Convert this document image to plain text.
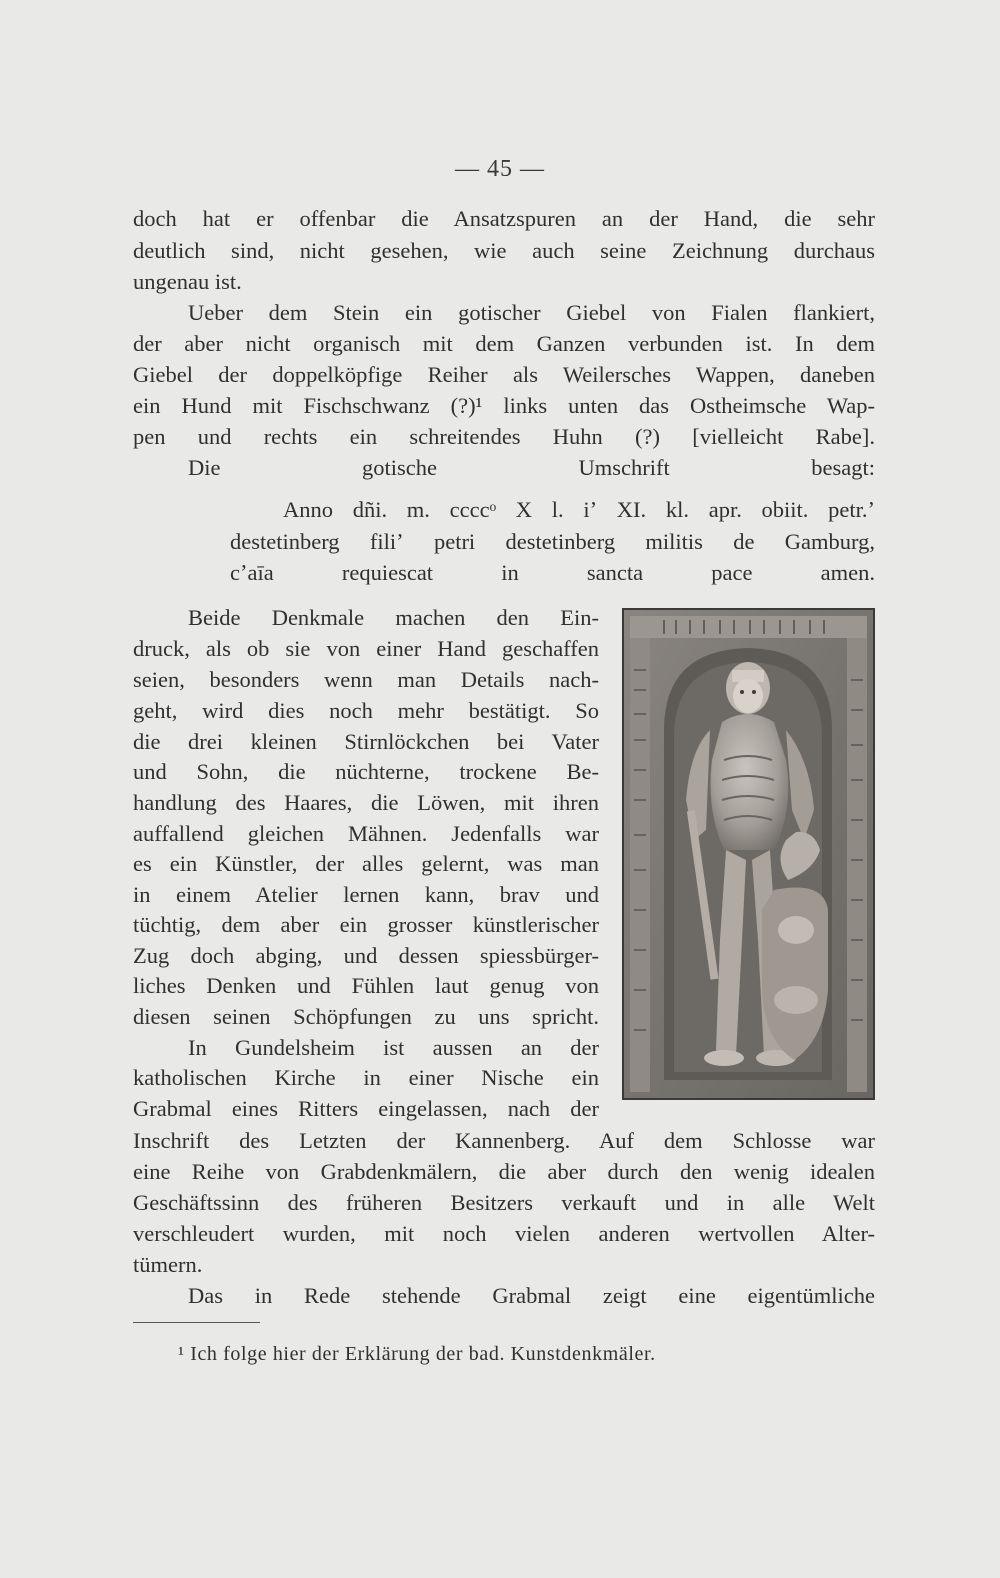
— 45 —
doch hat er offenbar die Ansatzspuren an der Hand, die sehr
deutlich sind, nicht gesehen, wie auch seine Zeichnung durchaus
ungenau ist.
Ueber dem Stein ein gotischer Giebel von Fialen flankiert,
der aber nicht organisch mit dem Ganzen verbunden ist. In dem
Giebel der doppelköpfige Reiher als Weilersches Wappen, daneben
ein Hund mit Fischschwanz (?)¹ links unten das Ostheimsche Wap-
pen und rechts ein schreitendes Huhn (?) [vielleicht Rabe].
Die gotische Umschrift besagt:
Anno dñi. m. ccccᵒ X l. iʼ XI. kl. apr. obiit. petr.ʼ
destetinberg filiʼ petri destetinberg militis de Gamburg,
cʼaīa requiescat in sancta pace amen.
Beide Denkmale machen den Ein-
druck, als ob sie von einer Hand geschaffen
seien, besonders wenn man Details nach-
geht, wird dies noch mehr bestätigt. So
die drei kleinen Stirnlöckchen bei Vater
und Sohn, die nüchterne, trockene Be-
handlung des Haares, die Löwen, mit ihren
auffallend gleichen Mähnen. Jedenfalls war
es ein Künstler, der alles gelernt, was man
in einem Atelier lernen kann, brav und
tüchtig, dem aber ein grosser künstlerischer
Zug doch abging, und dessen spiessbürger-
liches Denken und Fühlen laut genug von
diesen seinen Schöpfungen zu uns spricht.
In Gundelsheim ist aussen an der
katholischen Kirche in einer Nische ein
Grabmal eines Ritters eingelassen, nach der
Inschrift des Letzten der Kannenberg. Auf dem Schlosse war
eine Reihe von Grabdenkmälern, die aber durch den wenig idealen
Geschäftssinn des früheren Besitzers verkauft und in alle Welt
verschleudert wurden, mit noch vielen anderen wertvollen Alter-
tümern.
Das in Rede stehende Grabmal zeigt eine eigentümliche
¹ Ich folge hier der Erklärung der bad. Kunstdenkmäler.
